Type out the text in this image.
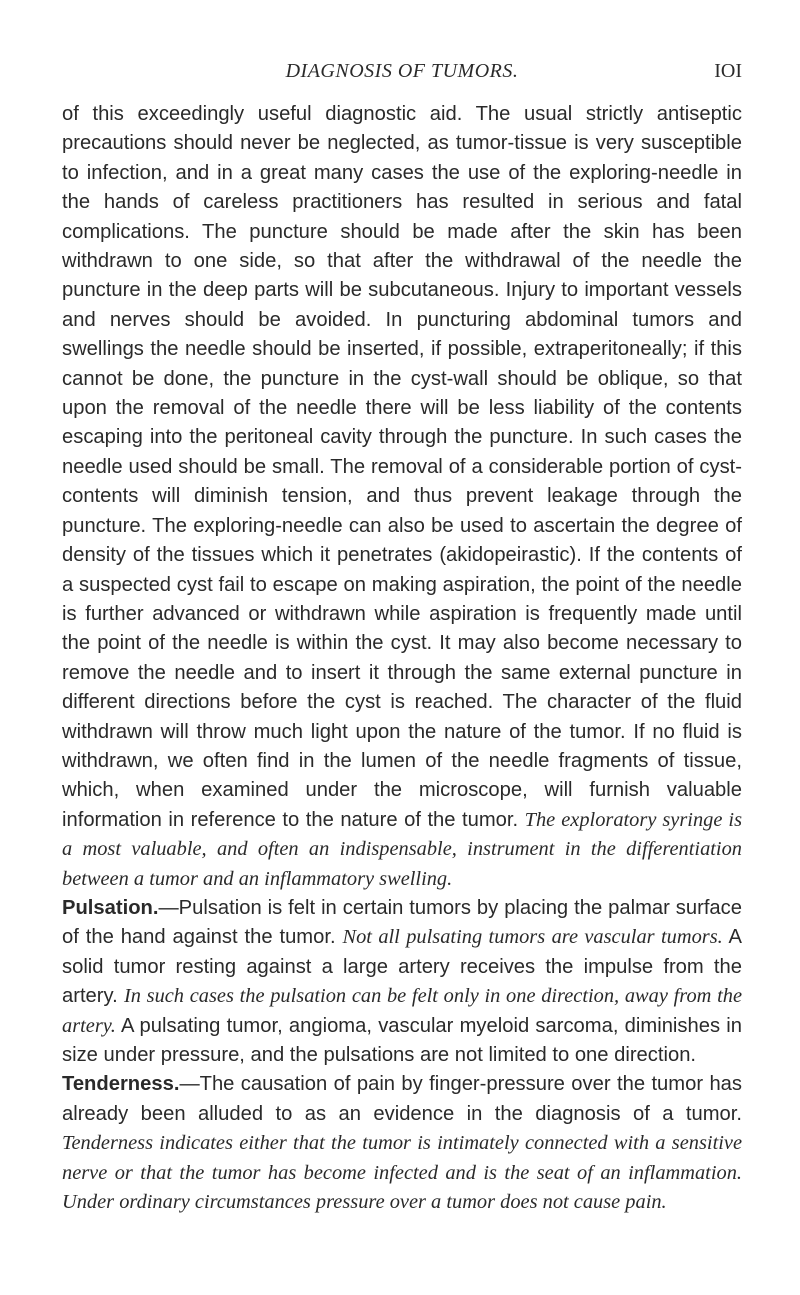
DIAGNOSIS OF TUMORS.	IOI

of this exceedingly useful diagnostic aid. The usual strictly antiseptic precautions should never be neglected, as tumor-tissue is very susceptible to infection, and in a great many cases the use of the exploring-needle in the hands of careless practitioners has resulted in serious and fatal complications. The puncture should be made after the skin has been withdrawn to one side, so that after the withdrawal of the needle the puncture in the deep parts will be subcutaneous. Injury to important vessels and nerves should be avoided. In puncturing abdominal tumors and swellings the needle should be inserted, if possible, extraperitoneally; if this cannot be done, the puncture in the cyst-wall should be oblique, so that upon the removal of the needle there will be less liability of the contents escaping into the peritoneal cavity through the puncture. In such cases the needle used should be small. The removal of a considerable portion of cyst-contents will diminish tension, and thus prevent leakage through the puncture. The exploring-needle can also be used to ascertain the degree of density of the tissues which it penetrates (akidopeirastic). If the contents of a suspected cyst fail to escape on making aspiration, the point of the needle is further advanced or withdrawn while aspiration is frequently made until the point of the needle is within the cyst. It may also become necessary to remove the needle and to insert it through the same external puncture in different directions before the cyst is reached. The character of the fluid withdrawn will throw much light upon the nature of the tumor. If no fluid is withdrawn, we often find in the lumen of the needle fragments of tissue, which, when examined under the microscope, will furnish valuable information in reference to the nature of the tumor. The exploratory syringe is a most valuable, and often an indispensable, instrument in the differentiation between a tumor and an inflammatory swelling.

Pulsation.—Pulsation is felt in certain tumors by placing the palmar surface of the hand against the tumor. Not all pulsating tumors are vascular tumors. A solid tumor resting against a large artery receives the impulse from the artery. In such cases the pulsation can be felt only in one direction, away from the artery. A pulsating tumor, angioma, vascular myeloid sarcoma, diminishes in size under pressure, and the pulsations are not limited to one direction.

Tenderness.—The causation of pain by finger-pressure over the tumor has already been alluded to as an evidence in the diagnosis of a tumor. Tenderness indicates either that the tumor is intimately connected with a sensitive nerve or that the tumor has become infected and is the seat of an inflammation. Under ordinary circumstances pressure over a tumor does not cause pain.
